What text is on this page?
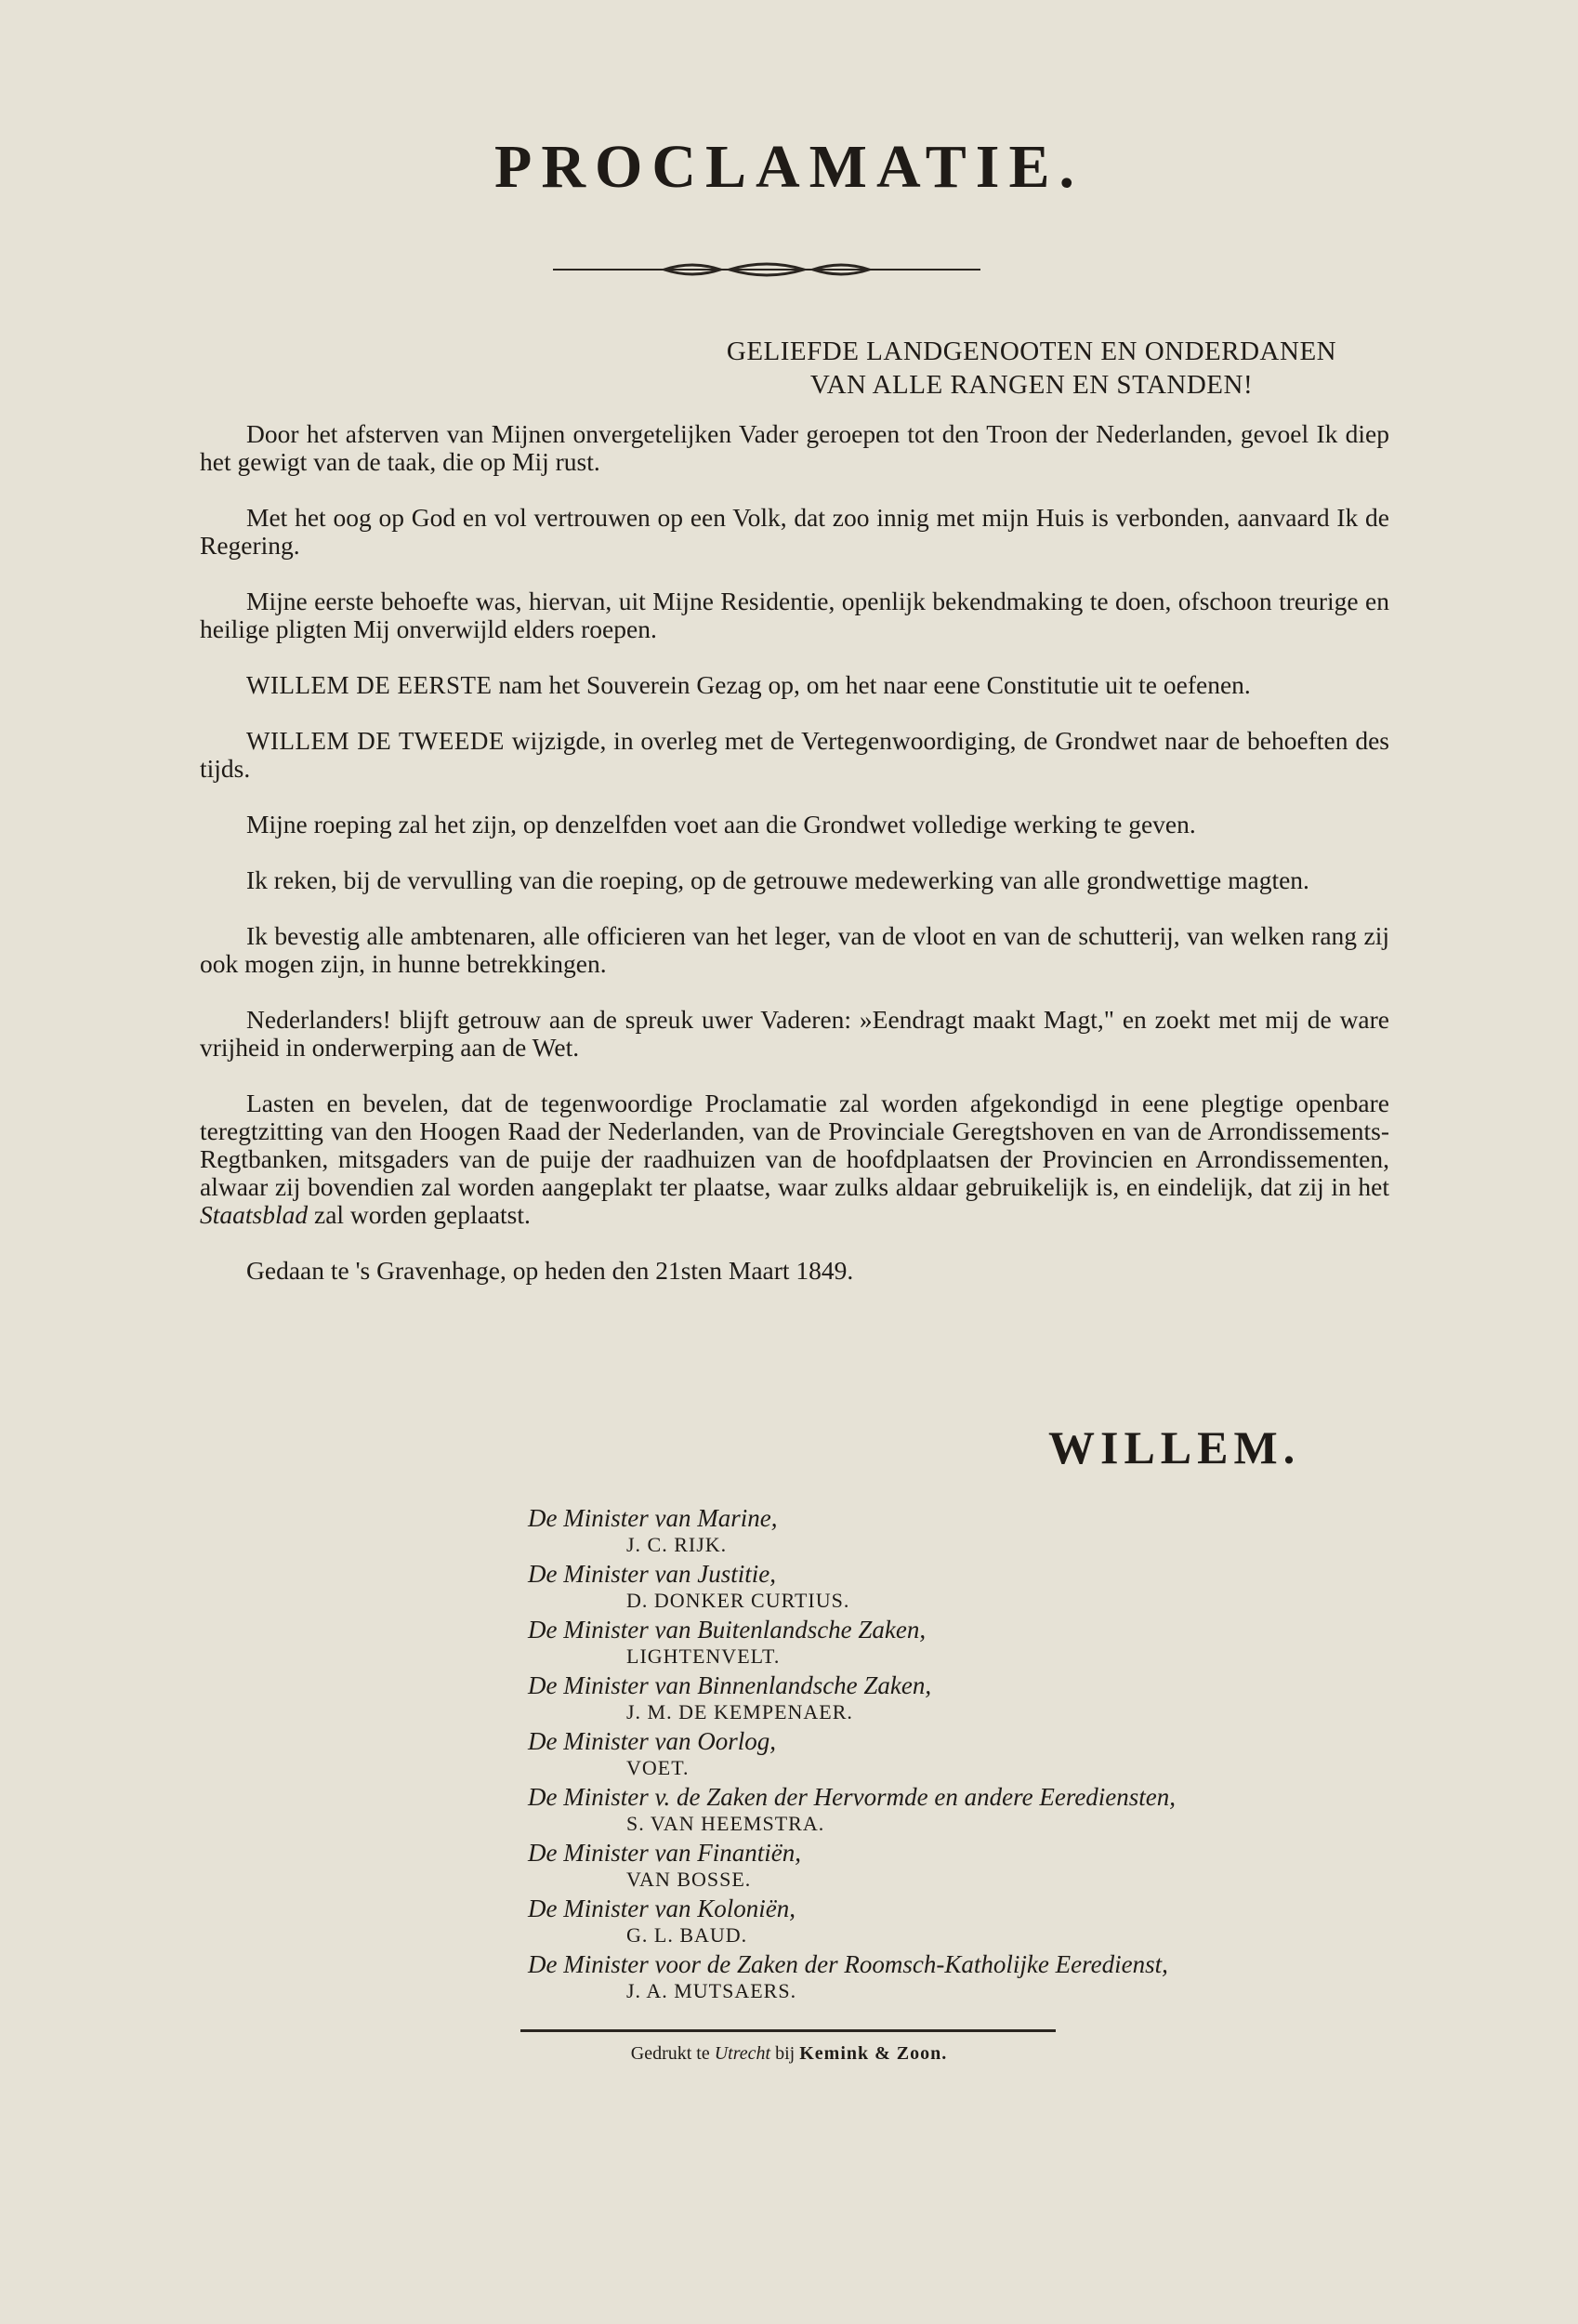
PROCLAMATIE.
GELIEFDE LANDGENOOTEN EN ONDERDANEN
VAN ALLE RANGEN EN STANDEN!

Door het afsterven van Mijnen onvergetelijken Vader geroepen tot den Troon der Nederlanden, gevoel Ik diep het gewigt van de taak, die op Mij rust.

Met het oog op God en vol vertrouwen op een Volk, dat zoo innig met mijn Huis is verbonden, aanvaard Ik de Regering.

Mijne eerste behoefte was, hiervan, uit Mijne Residentie, openlijk bekendmaking te doen, ofschoon treurige en heilige pligten Mij onverwijld elders roepen.

WILLEM DE EERSTE nam het Souverein Gezag op, om het naar eene Constitutie uit te oefenen.

WILLEM DE TWEEDE wijzigde, in overleg met de Vertegenwoordiging, de Grondwet naar de behoeften des tijds.

Mijne roeping zal het zijn, op denzelfden voet aan die Grondwet volledige werking te geven.

Ik reken, bij de vervulling van die roeping, op de getrouwe medewerking van alle grondwettige magten.

Ik bevestig alle ambtenaren, alle officieren van het leger, van de vloot en van de schutterij, van welken rang zij ook mogen zijn, in hunne betrekkingen.

Nederlanders! blijft getrouw aan de spreuk uwer Vaderen: »Eendragt maakt Magt," en zoekt met mij de ware vrijheid in onderwerping aan de Wet.

Lasten en bevelen, dat de tegenwoordige Proclamatie zal worden afgekondigd in eene plegtige openbare teregtzitting van den Hoogen Raad der Nederlanden, van de Provinciale Geregtshoven en van de Arrondissements-Regtbanken, mitsgaders van de puije der raadhuizen van de hoofdplaatsen der Provincien en Arrondissementen, alwaar zij bovendien zal worden aangeplakt ter plaatse, waar zulks aldaar gebruikelijk is, en eindelijk, dat zij in het Staatsblad zal worden geplaatst.

Gedaan te 's Gravenhage, op heden den 21sten Maart 1849.

WILLEM.
De Minister van Marine,
J. C. RIJK.
De Minister van Justitie,
D. DONKER CURTIUS.
De Minister van Buitenlandsche Zaken,
LIGHTENVELT.
De Minister van Binnenlandsche Zaken,
J. M. DE KEMPENAER.
De Minister van Oorlog,
VOET.
De Minister v. de Zaken der Hervormde en andere Eerediensten,
S. VAN HEEMSTRA.
De Minister van Finantiën,
VAN BOSSE.
De Minister van Koloniën,
G. L. BAUD.
De Minister voor de Zaken der Roomsch-Katholijke Eeredienst,
J. A. MUTSAERS.
Gedrukt te Utrecht bij Kemink & Zoon.
